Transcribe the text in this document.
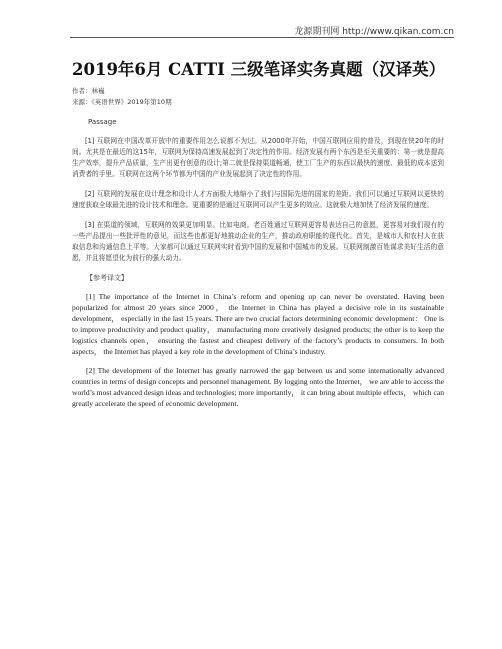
龙源期刊网 http://www.qikan.com.cn
2019年6月 CATTI 三级笔译实务真题（汉译英）
作者：林巍
来源：《英语世界》2019年第10期
Passage

[1] 互联网在中国改革开放中的重要作用怎么说都不为过。从2000年开始，中国互联网应用的普及，到现在快20年的时间。尤其是在最近的这15年，互联网为保持高速发展起到了决定性的作用。经济发展有两个东西是至关重要的：第一就是提高生产效率，提升产品质量，生产出更有创意的设计;第二就是保持渠道畅通，使工厂生产的东西以最快的速度、最低的成本送到消费者的手里。互联网在这两个环节都为中国的产业发展起到了决定性的作用。

[2] 互联网的发展在设计理念和设计人才方面极大地缩小了我们与国际先进的国家的差距。我们可以通过互联网以更快的速度获取全球最先进的设计技术和理念。更重要的是通过互联网可以产生更多的效应。这就极大地加快了经济发展的速度。

[3] 在渠道的领域，互联网的效果更加明显。比如电商。老百姓通过互联网更容易表达自己的意愿，更容易对我们现有的一些产品提出一些批评性的意见，而这些也都更好地推动企业的生产，推动政府职能的现代化。首先，是城市人和农村人在获取信息和沟通信息上平等。大家都可以通过互联网实时看到中国的发展和中国城市的发展。互联网制激百姓谋求美好生活的意愿，并且将愿望化为前行的强大动力。

【参考译文】

[1] The importance of the Internet in China’s reform and opening up can never be overstated. Having been popularized for almost 20 years since 2000， the Internet in China has played a decisive role in its sustainable development， especially in the last 15 years. There are two crucial factors determining economic development： One is to improve productivity and product quality， manufacturing more creatively designed products; the other is to keep the logistics channels open， ensuring the fastest and cheapest delivery of the factory’s products to consumers. In both aspects， the Internet has played a key role in the development of China’s industry.

[2] The development of the Internet has greatly narrowed the gap between us and some internationally advanced countries in terms of design concepts and personnel management. By logging onto the Internet， we are able to access the world’s most advanced design ideas and technologies; more importantly， it can bring about multiple effects， which can greatly accelerate the speed of economic development.
